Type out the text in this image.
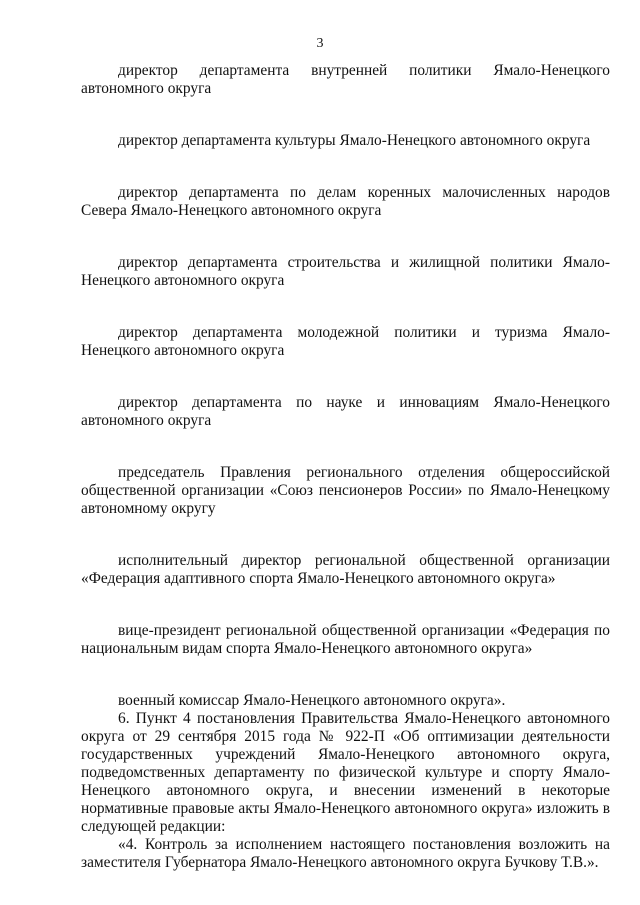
3

директор департамента внутренней политики Ямало-Ненецкого автономного округа

директор департамента культуры Ямало-Ненецкого автономного округа

директор департамента по делам коренных малочисленных народов Севера Ямало-Ненецкого автономного округа

директор департамента строительства и жилищной политики Ямало-Ненецкого автономного округа

директор департамента молодежной политики и туризма Ямало-Ненецкого автономного округа

директор департамента по науке и инновациям Ямало-Ненецкого автономного округа

председатель Правления регионального отделения общероссийской общественной организации «Союз пенсионеров России» по Ямало-Ненецкому автономному округу

исполнительный директор региональной общественной организации «Федерация адаптивного спорта Ямало-Ненецкого автономного округа»

вице-президент региональной общественной организации «Федерация по национальным видам спорта Ямало-Ненецкого автономного округа»

военный комиссар Ямало-Ненецкого автономного округа».

6. Пункт 4 постановления Правительства Ямало-Ненецкого автономного округа от 29 сентября 2015 года № 922-П «Об оптимизации деятельности государственных учреждений Ямало-Ненецкого автономного округа, подведомственных департаменту по физической культуре и спорту Ямало-Ненецкого автономного округа, и внесении изменений в некоторые нормативные правовые акты Ямало-Ненецкого автономного округа» изложить в следующей редакции:

«4. Контроль за исполнением настоящего постановления возложить на заместителя Губернатора Ямало-Ненецкого автономного округа Бучкову Т.В.».
